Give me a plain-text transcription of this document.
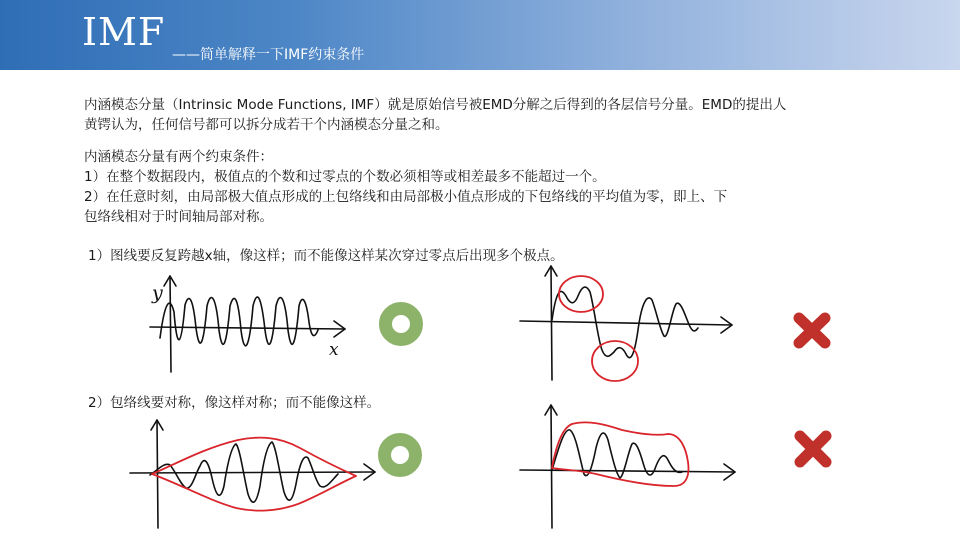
IMF
——简单解释一下IMF约束条件
内涵模态分量（Intrinsic Mode Functions, IMF）就是原始信号被EMD分解之后得到的各层信号分量。EMD的提出人
黄锷认为，任何信号都可以拆分成若干个内涵模态分量之和。
内涵模态分量有两个约束条件：
1）在整个数据段内，极值点的个数和过零点的个数必须相等或相差最多不能超过一个。
2）在任意时刻，由局部极大值点形成的上包络线和由局部极小值点形成的下包络线的平均值为零，即上、下
包络线相对于时间轴局部对称。
1）图线要反复跨越x轴，像这样；而不能像这样某次穿过零点后出现多个极点。
2）包络线要对称，像这样对称；而不能像这样。
y
x
